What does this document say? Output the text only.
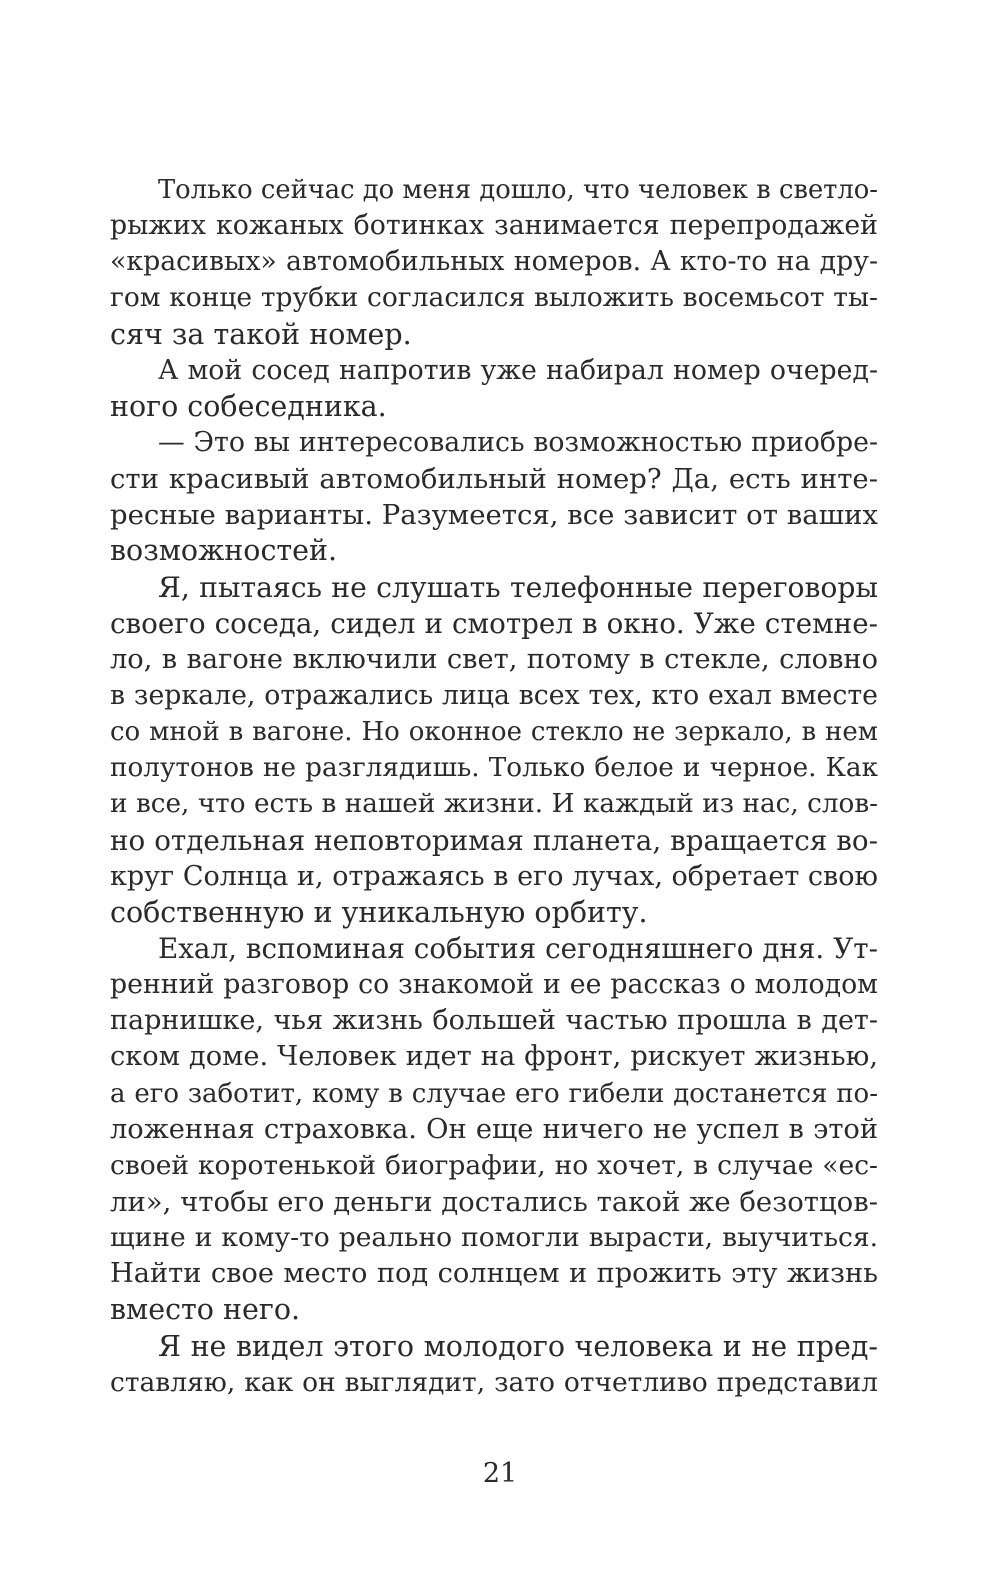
Только сейчас до меня дошло, что человек в светло-
рыжих кожаных ботинках занимается перепродажей
«красивых» автомобильных номеров. А кто-то на дру-
гом конце трубки согласился выложить восемьсот ты-
сяч за такой номер.
А мой сосед напротив уже набирал номер очеред-
ного собеседника.
— Это вы интересовались возможностью приобре-
сти красивый автомобильный номер? Да, есть инте-
ресные варианты. Разумеется, все зависит от ваших
возможностей.
Я, пытаясь не слушать телефонные переговоры
своего соседа, сидел и смотрел в окно. Уже стемне-
ло, в вагоне включили свет, потому в стекле, словно
в зеркале, отражались лица всех тех, кто ехал вместе
со мной в вагоне. Но оконное стекло не зеркало, в нем
полутонов не разглядишь. Только белое и черное. Как
и все, что есть в нашей жизни. И каждый из нас, слов-
но отдельная неповторимая планета, вращается во-
круг Солнца и, отражаясь в его лучах, обретает свою
собственную и уникальную орбиту.
Ехал, вспоминая события сегодняшнего дня. Ут-
ренний разговор со знакомой и ее рассказ о молодом
парнишке, чья жизнь большей частью прошла в дет-
ском доме. Человек идет на фронт, рискует жизнью,
а его заботит, кому в случае его гибели достанется по-
ложенная страховка. Он еще ничего не успел в этой
своей коротенькой биографии, но хочет, в случае «ес-
ли», чтобы его деньги достались такой же безотцов-
щине и кому-то реально помогли вырасти, выучиться.
Найти свое место под солнцем и прожить эту жизнь
вместо него.
Я не видел этого молодого человека и не пред-
ставляю, как он выглядит, зато отчетливо представил
21
